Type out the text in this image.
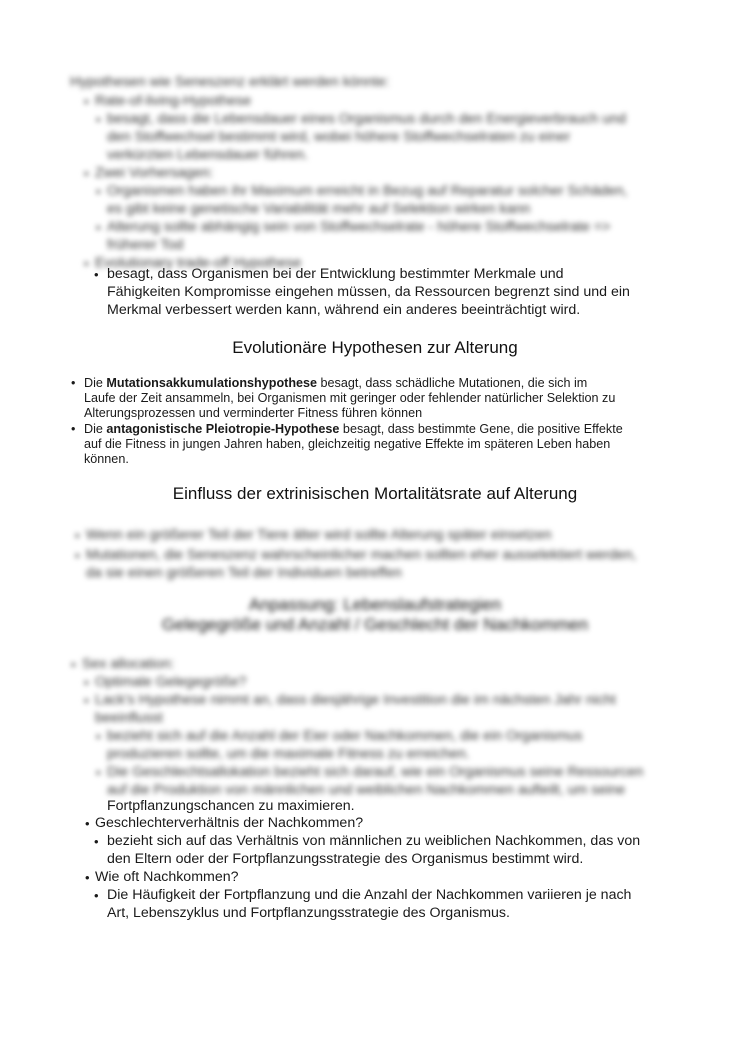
Hypothesen wie Seneszenz erklärt werden könnte:
• Rate-of-living-Hypothese
• besagt, dass die Lebensdauer eines Organismus durch den Energieverbrauch und
den Stoffwechsel bestimmt wird, wobei höhere Stoffwechselraten zu einer
verkürzten Lebensdauer führen.
• Zwei Vorhersagen:
• Organismen haben ihr Maximum erreicht in Bezug auf Reparatur solcher Schäden,
es gibt keine genetische Variabilität mehr auf Selektion wirken kann
• Alterung sollte abhängig sein von Stoffwechselrate - höhere Stoffwechselrate =>
früherer Tod
• Evolutionary trade-off Hypothese
• besagt, dass Organismen bei der Entwicklung bestimmter Merkmale und
Fähigkeiten Kompromisse eingehen müssen, da Ressourcen begrenzt sind und ein
Merkmal verbessert werden kann, während ein anderes beeinträchtigt wird.
Evolutionäre Hypothesen zur Alterung
• Die Mutationsakkumulationshypothese besagt, dass schädliche Mutationen, die sich im
Laufe der Zeit ansammeln, bei Organismen mit geringer oder fehlender natürlicher Selektion zu
Alterungsprozessen und verminderter Fitness führen können
• Die antagonistische Pleiotropie-Hypothese besagt, dass bestimmte Gene, die positive Effekte
auf die Fitness in jungen Jahren haben, gleichzeitig negative Effekte im späteren Leben haben
können.
Einfluss der extrinisischen Mortalitätsrate auf Alterung
• Wenn ein größerer Teil der Tiere älter wird sollte Alterung später einsetzen
• Mutationen, die Seneszenz wahrscheinlicher machen sollten eher ausselektiert werden,
da sie einen größeren Teil der Individuen betreffen
Anpassung: Lebenslaufstrategien
Gelegegröße und Anzahl / Geschlecht der Nachkommen
• Sex allocation:
• Optimale Gelegegröße?
• Lack's Hypothese nimmt an, dass diesjährige Investition die im nächsten Jahr nicht
beeinflusst
• bezieht sich auf die Anzahl der Eier oder Nachkommen, die ein Organismus
produzieren sollte, um die maximale Fitness zu erreichen.
• Die Geschlechtsallokation bezieht sich darauf, wie ein Organismus seine Ressourcen
auf die Produktion von männlichen und weiblichen Nachkommen aufteilt, um seine
Fortpflanzungschancen zu maximieren.
• Geschlechterverhältnis der Nachkommen?
• bezieht sich auf das Verhältnis von männlichen zu weiblichen Nachkommen, das von
den Eltern oder der Fortpflanzungsstrategie des Organismus bestimmt wird.
• Wie oft Nachkommen?
• Die Häufigkeit der Fortpflanzung und die Anzahl der Nachkommen variieren je nach
Art, Lebenszyklus und Fortpflanzungsstrategie des Organismus.
